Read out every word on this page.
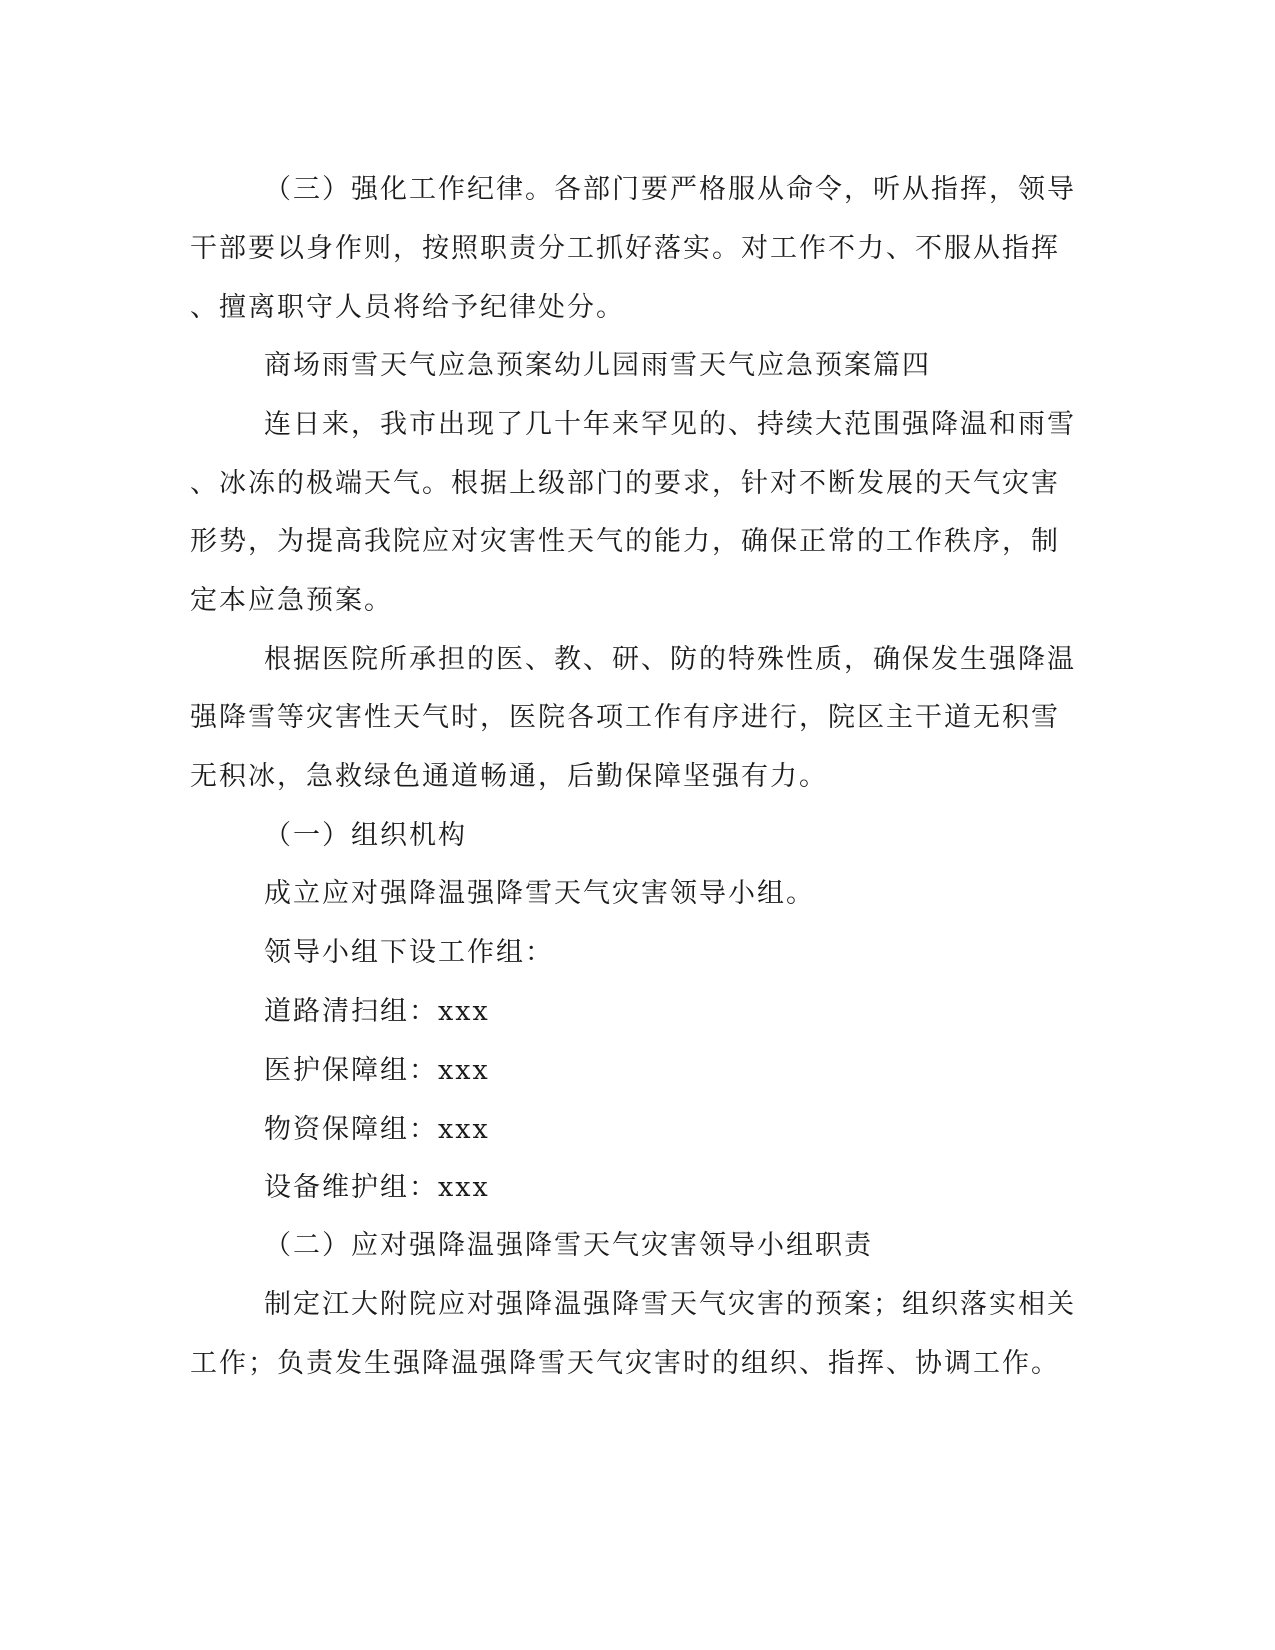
（三）强化工作纪律。各部门要严格服从命令，听从指挥，领导
干部要以身作则，按照职责分工抓好落实。对工作不力、不服从指挥
、擅离职守人员将给予纪律处分。
商场雨雪天气应急预案幼儿园雨雪天气应急预案篇四
连日来，我市出现了几十年来罕见的、持续大范围强降温和雨雪
、冰冻的极端天气。根据上级部门的要求，针对不断发展的天气灾害
形势，为提高我院应对灾害性天气的能力，确保正常的工作秩序，制
定本应急预案。
根据医院所承担的医、教、研、防的特殊性质，确保发生强降温
强降雪等灾害性天气时，医院各项工作有序进行，院区主干道无积雪
无积冰，急救绿色通道畅通，后勤保障坚强有力。
（一）组织机构
成立应对强降温强降雪天气灾害领导小组。
领导小组下设工作组：
道路清扫组：xxx
医护保障组：xxx
物资保障组：xxx
设备维护组：xxx
（二）应对强降温强降雪天气灾害领导小组职责
制定江大附院应对强降温强降雪天气灾害的预案；组织落实相关
工作；负责发生强降温强降雪天气灾害时的组织、指挥、协调工作。
